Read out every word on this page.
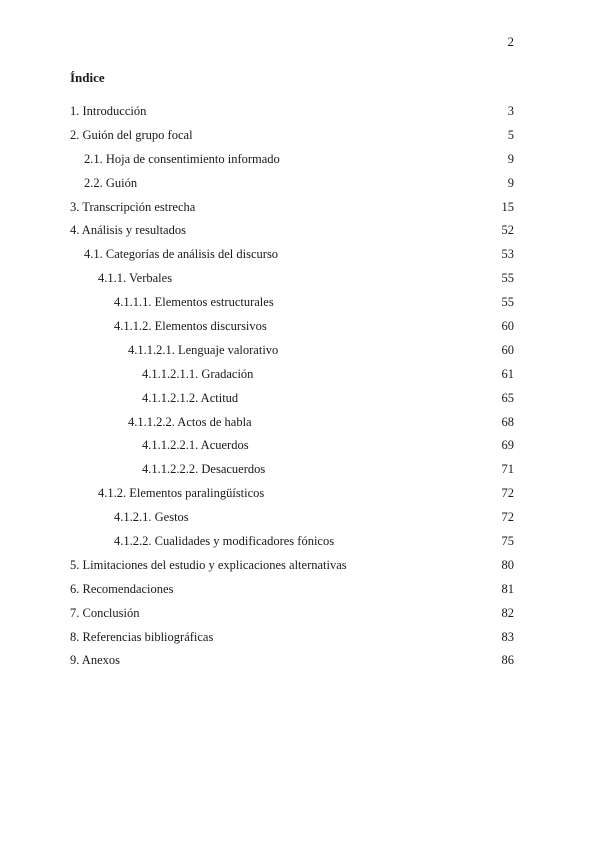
2
Índice
1. Introducción	3
2. Guión del grupo focal	5
2.1. Hoja de consentimiento informado	9
2.2. Guión	9
3. Transcripción estrecha	15
4. Análisis y resultados	52
4.1. Categorías de análisis del discurso	53
4.1.1. Verbales	55
4.1.1.1. Elementos estructurales	55
4.1.1.2. Elementos discursivos	60
4.1.1.2.1. Lenguaje valorativo	60
4.1.1.2.1.1. Gradación	61
4.1.1.2.1.2. Actitud	65
4.1.1.2.2. Actos de habla	68
4.1.1.2.2.1. Acuerdos	69
4.1.1.2.2.2. Desacuerdos	71
4.1.2. Elementos paralingüísticos	72
4.1.2.1. Gestos	72
4.1.2.2. Cualidades y modificadores fónicos	75
5. Limitaciones del estudio y explicaciones alternativas	80
6. Recomendaciones	81
7. Conclusión	82
8. Referencias bibliográficas	83
9. Anexos	86
